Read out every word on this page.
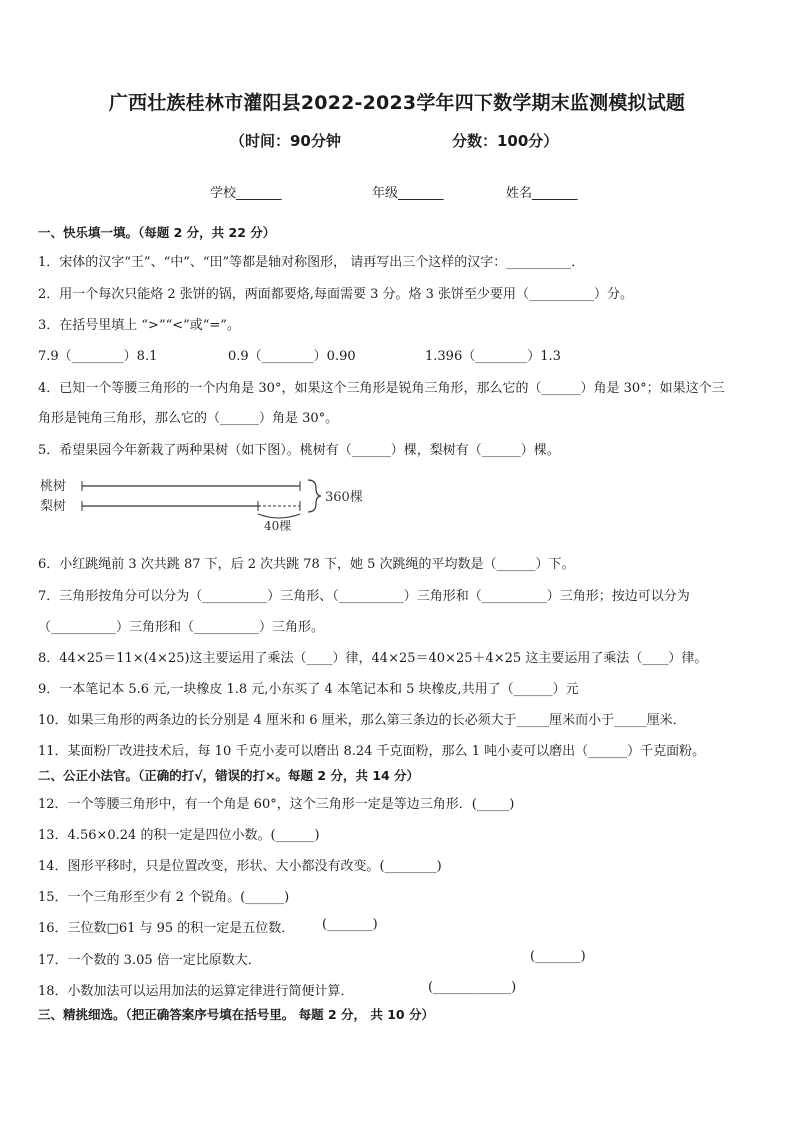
广西壮族桂林市灌阳县2022-2023学年四下数学期末监测模拟试题
（时间：90分钟	分数：100分）
学校_______	年级_______	姓名_______
一、快乐填一填。（每题 2 分，共 22 分）
1．宋体的汉字“王”、“中”、“田”等都是轴对称图形， 请再写出三个这样的汉字：__________．
2．用一个每次只能烙 2 张饼的锅，两面都要烙,每面需要 3 分。烙 3 张饼至少要用（__________）分。
3．在括号里填上 “>”“<”或“=”。
7.9（________）8.1	0.9（________）0.90	1.396（________）1.3
4．已知一个等腰三角形的一个内角是 30°，如果这个三角形是锐角三角形，那么它的（______）角是 30°；如果这个三
角形是钝角三角形，那么它的（______）角是 30°。
5．希望果园今年新栽了两种果树（如下图）。桃树有（______）棵，梨树有（______）棵。
桃树
梨树
40棵
360棵
6．小红跳绳前 3 次共跳 87 下，后 2 次共跳 78 下，她 5 次跳绳的平均数是（______）下。
7．三角形按角分可以分为（__________）三角形、（__________）三角形和（__________）三角形；按边可以分为
（__________）三角形和（__________）三角形。
8．44×25＝11×(4×25)这主要运用了乘法（____）律，44×25＝40×25＋4×25 这主要运用了乘法（____）律。
9．一本笔记本 5.6 元,一块橡皮 1.8 元,小东买了 4 本笔记本和 5 块橡皮,共用了（______）元
10．如果三角形的两条边的长分别是 4 厘米和 6 厘米，那么第三条边的长必须大于_____厘米而小于_____厘米．
11．某面粉厂改进技术后，每 10 千克小麦可以磨出 8.24 千克面粉，那么 1 吨小麦可以磨出（______）千克面粉。
二、公正小法官。（正确的打√，错误的打×。每题 2 分，共 14 分）
12．一个等腰三角形中，有一个角是 60°，这个三角形一定是等边三角形．(_____)
13．4.56×0.24 的积一定是四位小数。(______)
14．图形平移时，只是位置改变，形状、大小都没有改变。(________)
15．一个三角形至少有 2 个锐角。(______)
16．三位数□61 与 95 的积一定是五位数． (_______)
17．一个数的 3.05 倍一定比原数大．	(_______)
18．小数加法可以运用加法的运算定律进行简便计算．	(____________)
三、精挑细选。（把正确答案序号填在括号里。 每题 2 分， 共 10 分）
